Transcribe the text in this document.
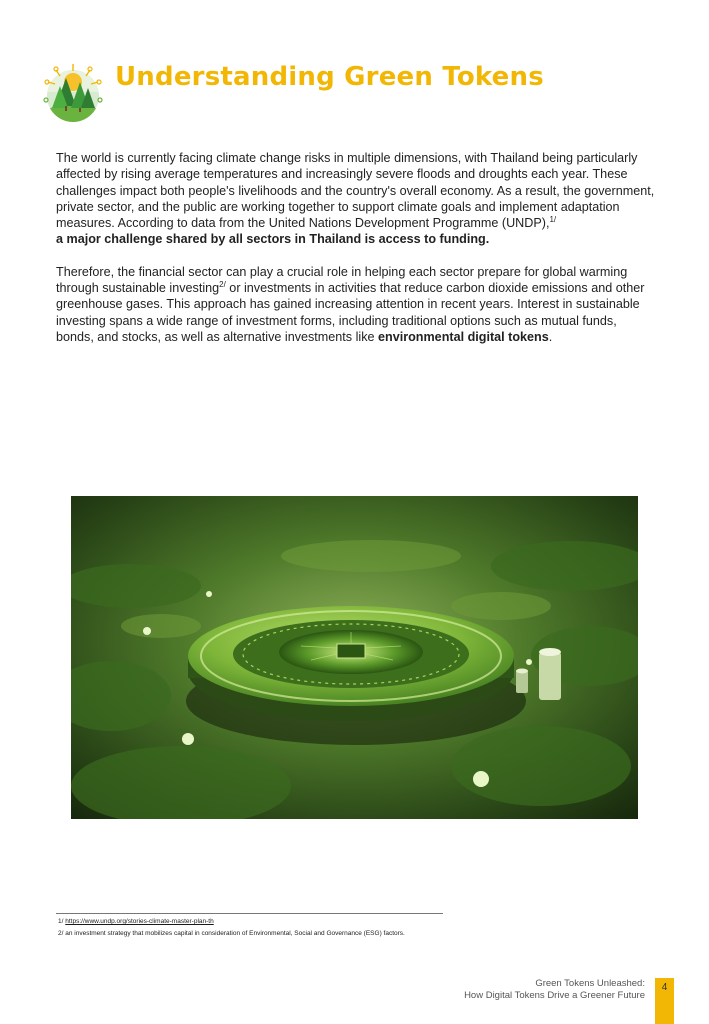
Understanding Green Tokens

The world is currently facing climate change risks in multiple dimensions, with Thailand being particularly affected by rising average temperatures and increasingly severe floods and droughts each year. These challenges impact both people's livelihoods and the country's overall economy. As a result, the government, private sector, and the public are working together to support climate goals and implement adaptation measures. According to data from the United Nations Development Programme (UNDP),$^{1/}$
a major challenge shared by all sectors in Thailand is access to funding.

Therefore, the financial sector can play a crucial role in helping each sector prepare for global warming through sustainable investing$^{2/}$ or investments in activities that reduce carbon dioxide emissions and other greenhouse gases. This approach has gained increasing attention in recent years. Interest in sustainable investing spans a wide range of investment forms, including traditional options such as mutual funds, bonds, and stocks, as well as alternative investments like environmental digital tokens.

1/ https://www.undp.org/stories-climate-master-plan-th
2/ an investment strategy that mobilizes capital in consideration of Environmental, Social and Governance (ESG) factors.
Green Tokens Unleashed:
How Digital Tokens Drive a Greener Future
4
